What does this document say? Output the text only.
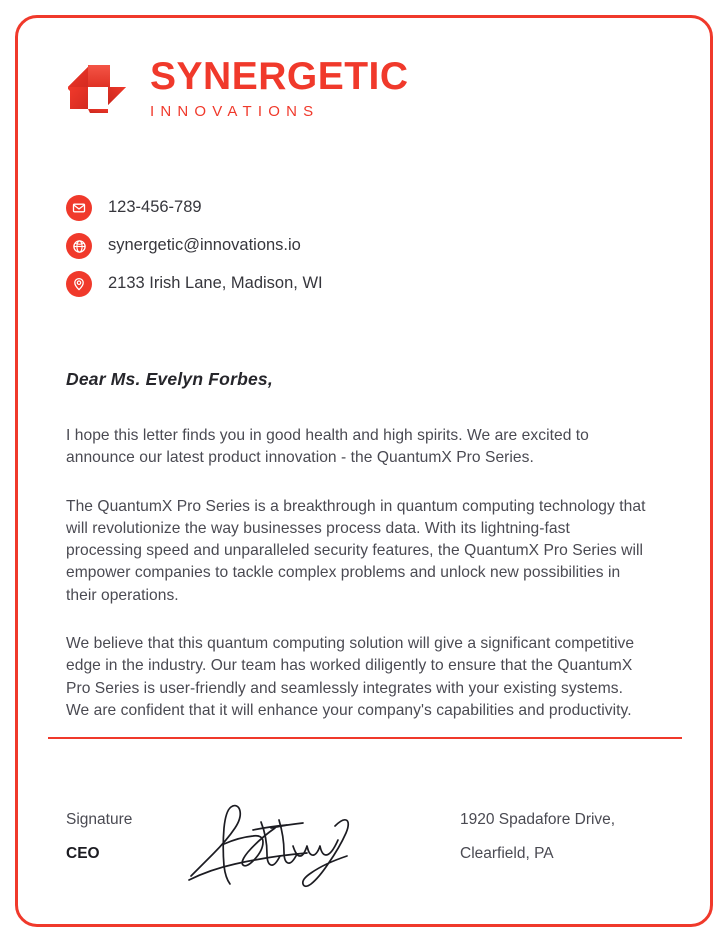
SYNERGETIC
INNOVATIONS
123-456-789
synergetic@innovations.io
2133 Irish Lane, Madison, WI
Dear Ms. Evelyn Forbes,

I hope this letter finds you in good health and high spirits. We are excited to announce our latest product innovation - the QuantumX Pro Series.

The QuantumX Pro Series is a breakthrough in quantum computing technology that will revolutionize the way businesses process data. With its lightning-fast processing speed and unparalleled security features, the QuantumX Pro Series will empower companies to tackle complex problems and unlock new possibilities in their operations.

We believe that this quantum computing solution will give a significant competitive edge in the industry. Our team has worked diligently to ensure that the QuantumX Pro Series is user-friendly and seamlessly integrates with your existing systems. We are confident that it will enhance your company's capabilities and productivity.

Signature
CEO
1920 Spadafore Drive,
Clearfield, PA
